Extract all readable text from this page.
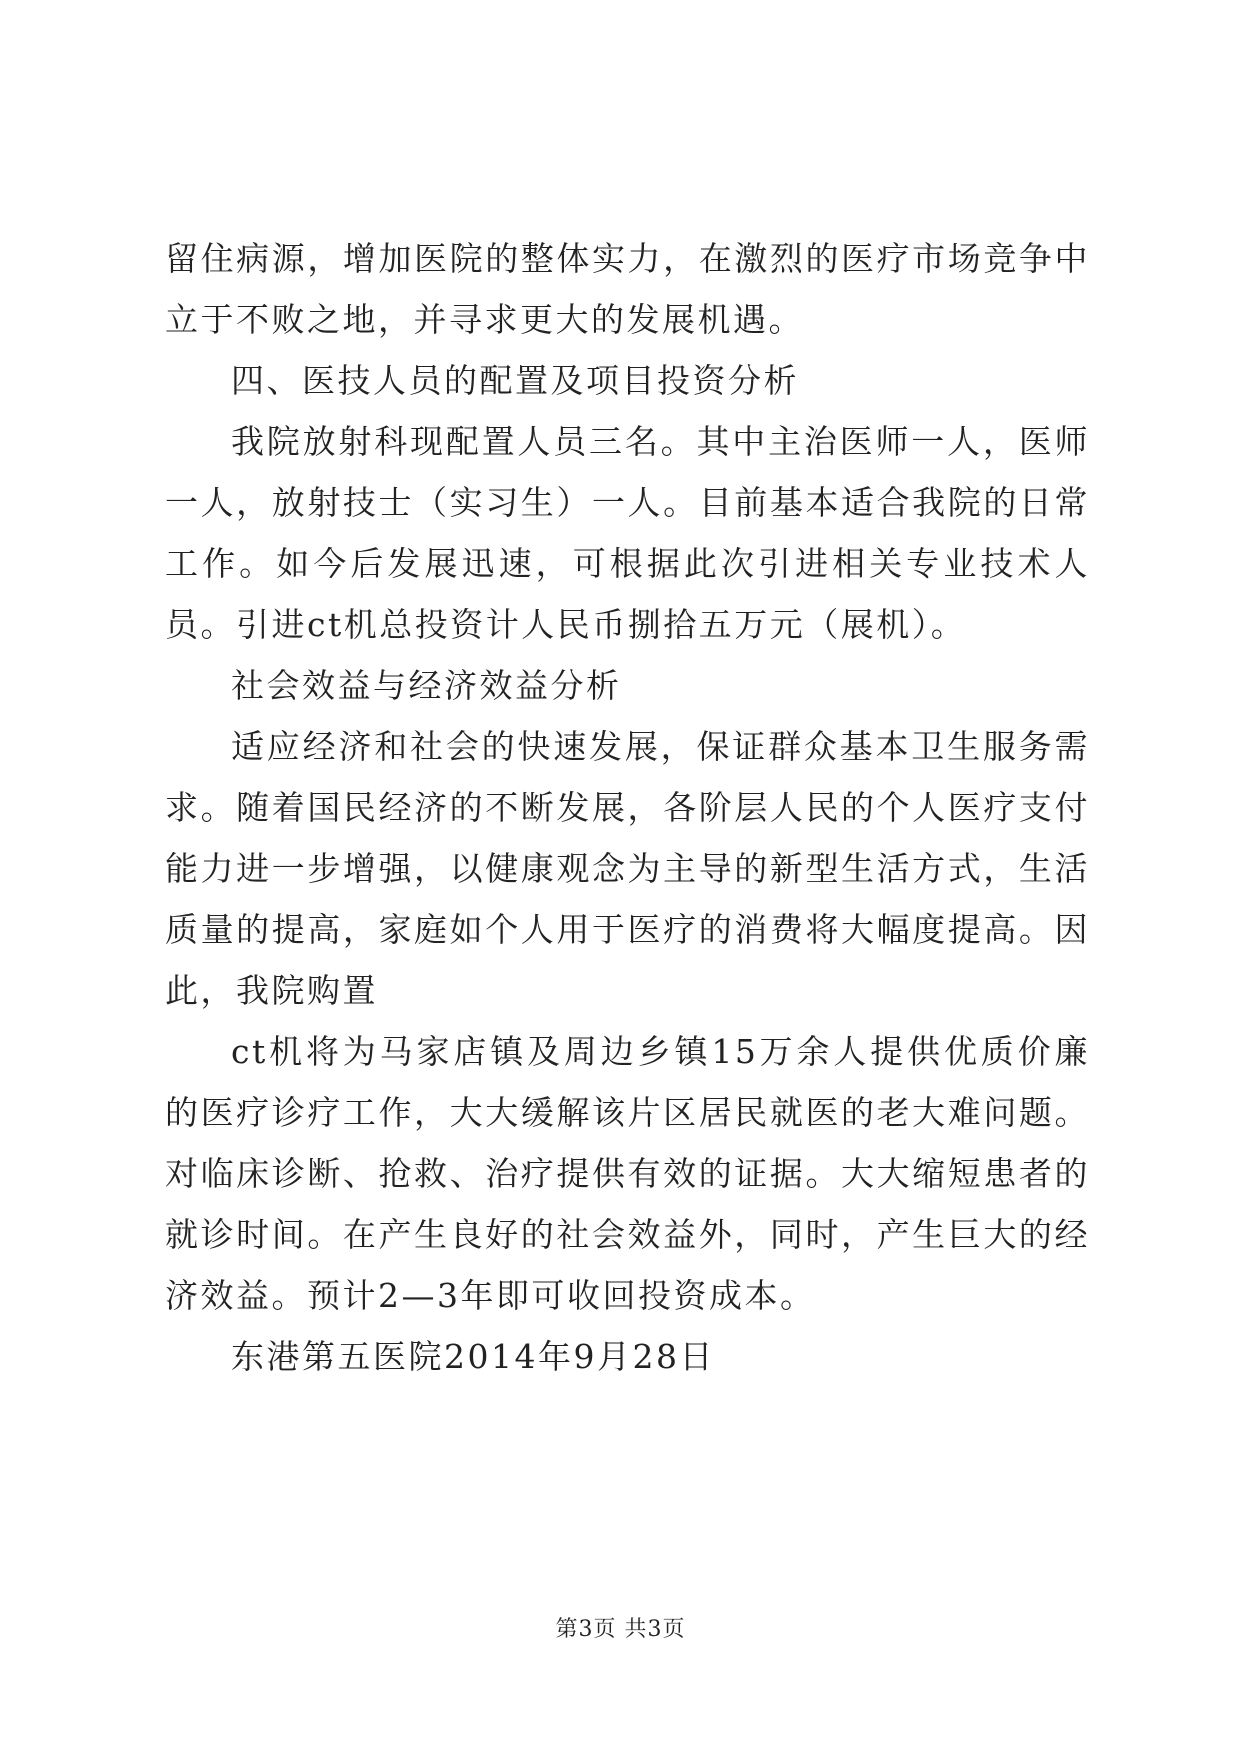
留住病源，增加医院的整体实力，在激烈的医疗市场竞争中立于不败之地，并寻求更大的发展机遇。

四、医技人员的配置及项目投资分析

我院放射科现配置人员三名。其中主治医师一人，医师一人，放射技士（实习生）一人。目前基本适合我院的日常工作。如今后发展迅速，可根据此次引进相关专业技术人员。引进ct机总投资计人民币捌拾五万元（展机）。

社会效益与经济效益分析

适应经济和社会的快速发展，保证群众基本卫生服务需求。随着国民经济的不断发展，各阶层人民的个人医疗支付能力进一步增强，以健康观念为主导的新型生活方式，生活质量的提高，家庭如个人用于医疗的消费将大幅度提高。因此，我院购置

ct机将为马家店镇及周边乡镇15万余人提供优质价廉的医疗诊疗工作，大大缓解该片区居民就医的老大难问题。对临床诊断、抢救、治疗提供有效的证据。大大缩短患者的就诊时间。在产生良好的社会效益外，同时，产生巨大的经济效益。预计2—3年即可收回投资成本。

东港第五医院2014年9月28日

第3页 共3页
